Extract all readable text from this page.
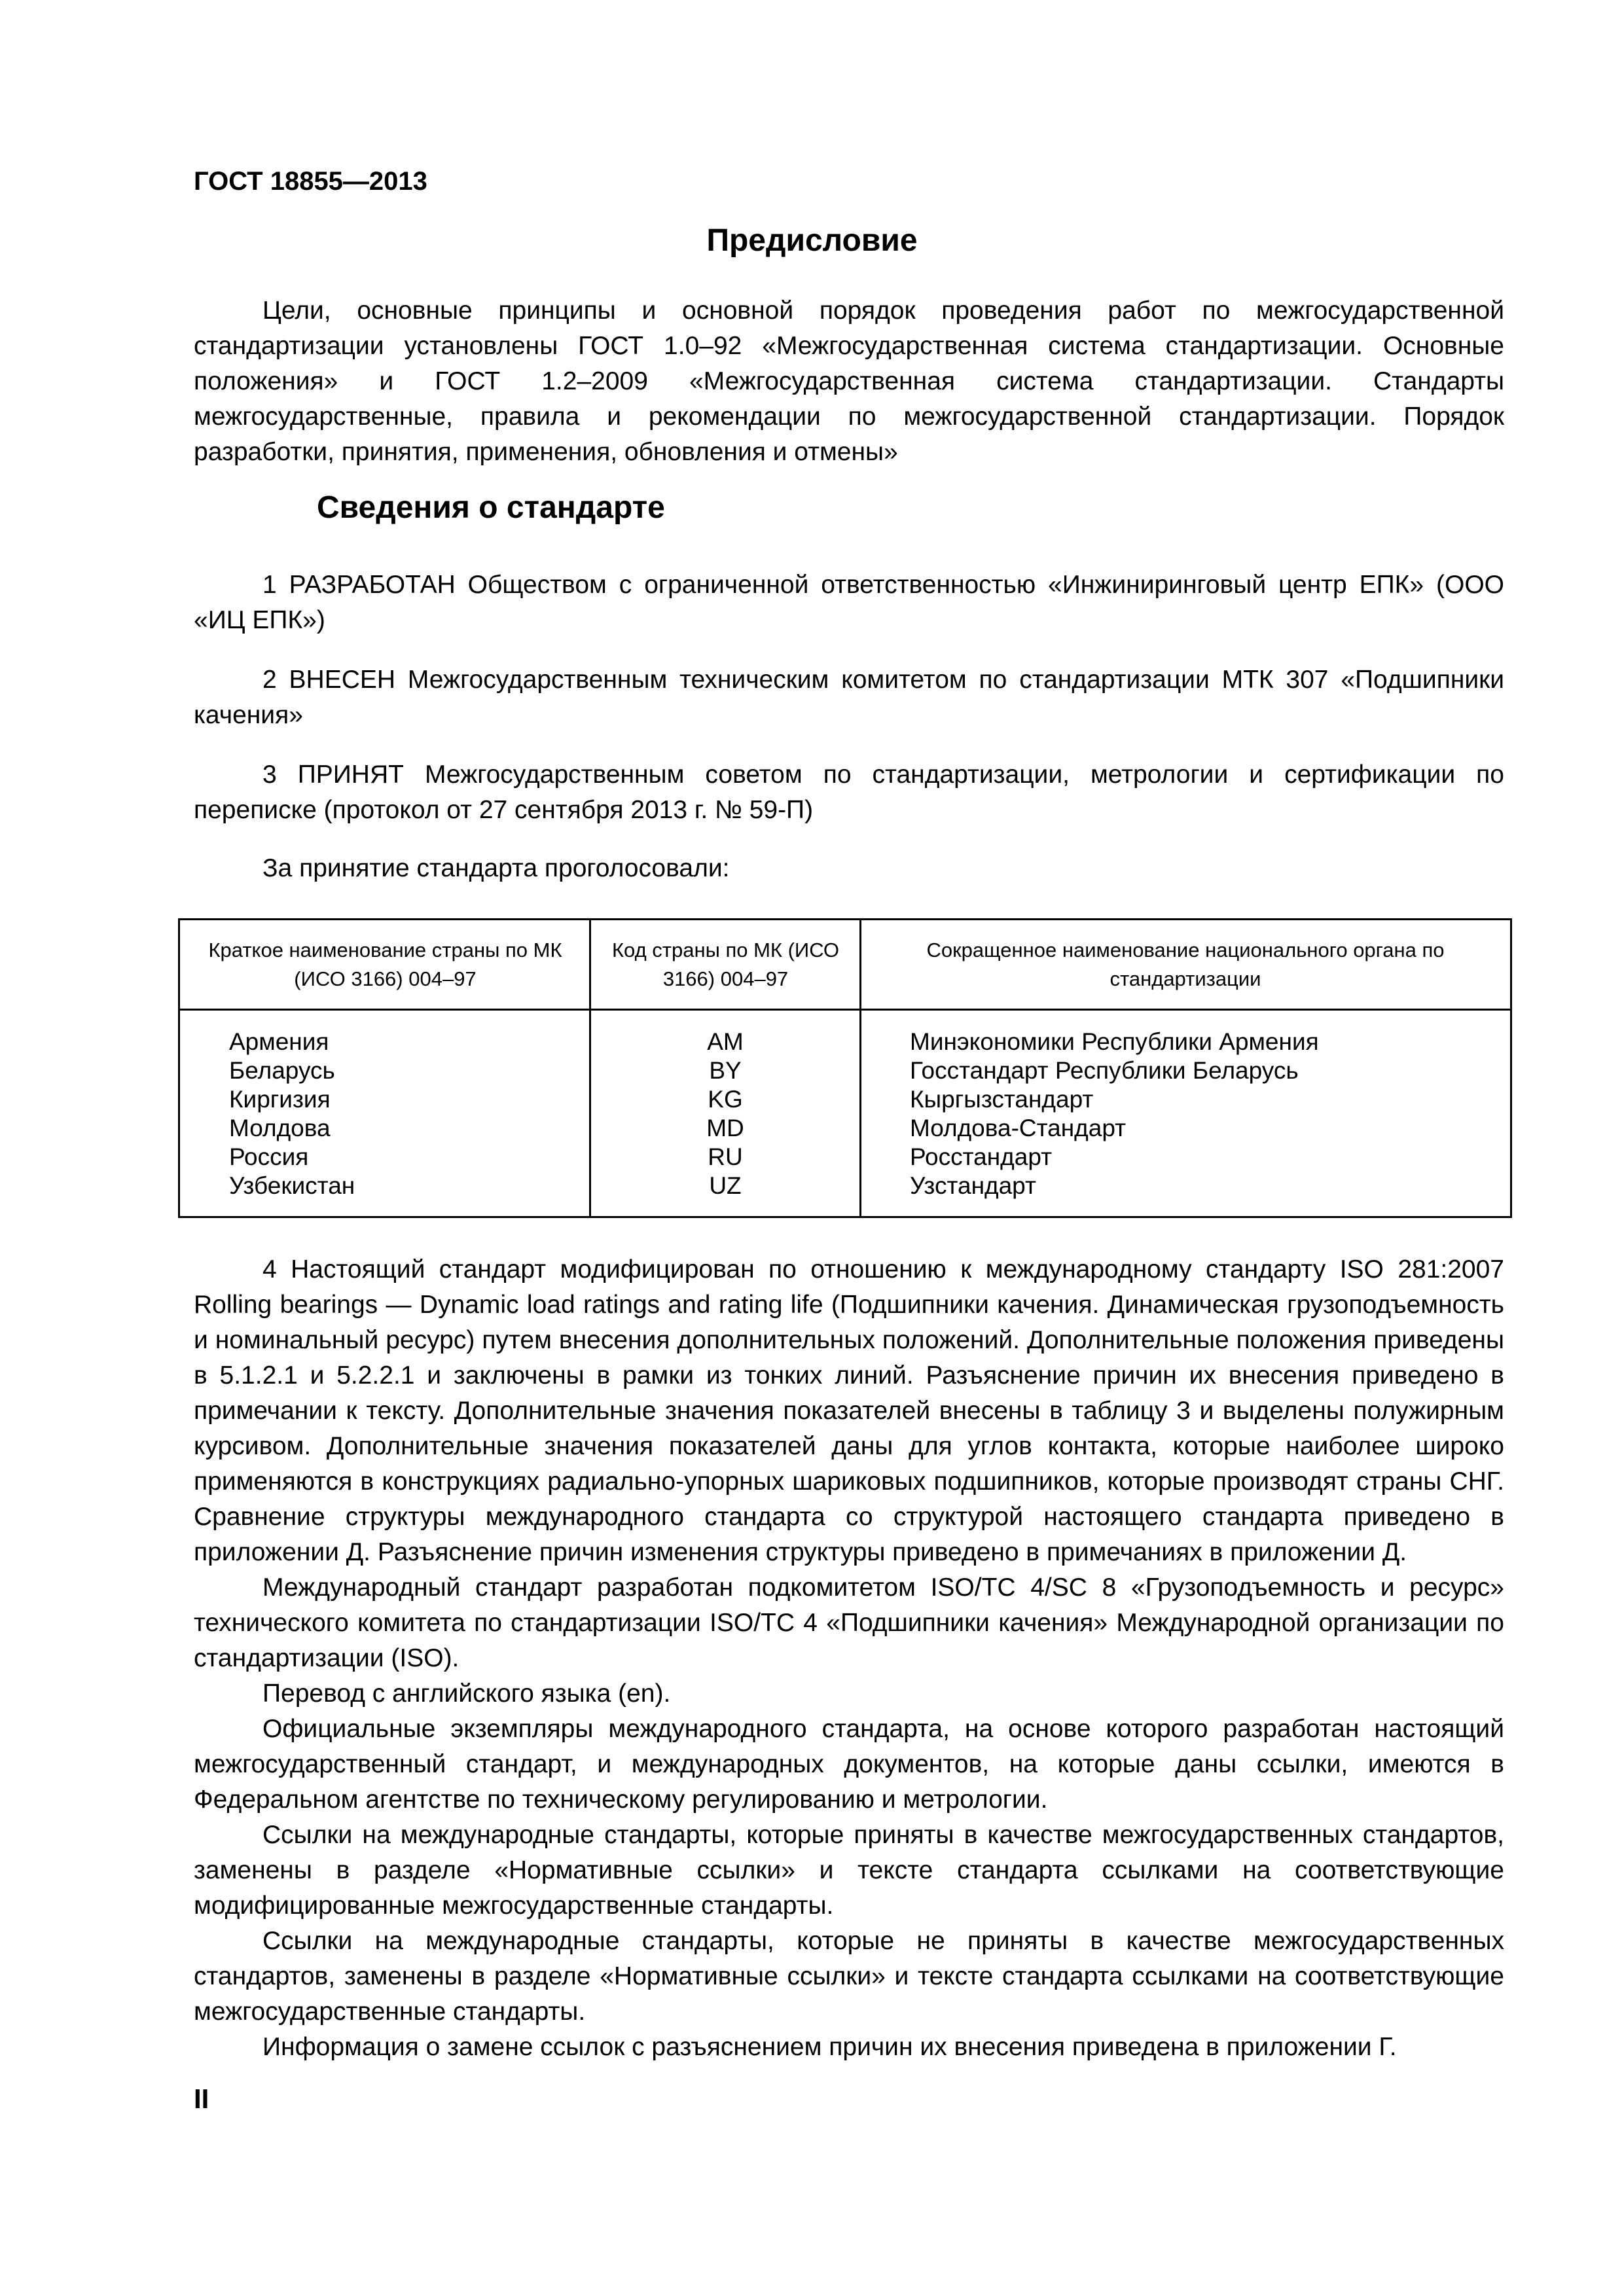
ГОСТ 18855—2013

Предисловие

Цели, основные принципы и основной порядок проведения работ по межгосударственной стандартизации установлены ГОСТ 1.0–92 «Межгосударственная система стандартизации. Основные положения» и ГОСТ 1.2–2009 «Межгосударственная система стандартизации. Стандарты межгосударственные, правила и рекомендации по межгосударственной стандартизации. Порядок разработки, принятия, применения, обновления и отмены»

Сведения о стандарте

1 РАЗРАБОТАН Обществом с ограниченной ответственностью «Инжиниринговый центр ЕПК» (ООО «ИЦ ЕПК»)

2 ВНЕСЕН Межгосударственным техническим комитетом по стандартизации МТК 307 «Подшипники качения»

3 ПРИНЯТ Межгосударственным советом по стандартизации, метрологии и сертификации по переписке (протокол от 27 сентября 2013 г. № 59-П)

За принятие стандарта проголосовали:

Краткое наименование страны по МК (ИСО 3166) 004–97
Код страны по МК (ИСО 3166) 004–97
Сокращенное наименование национального органа по стандартизации
Армения
Беларусь
Киргизия
Молдова
Россия
Узбекистан
AM
BY
KG
MD
RU
UZ
Минэкономики Республики Армения
Госстандарт Республики Беларусь
Кыргызстандарт
Молдова-Стандарт
Росстандарт
Узстандарт

4 Настоящий стандарт модифицирован по отношению к международному стандарту ISO 281:2007 Rolling bearings — Dynamic load ratings and rating life (Подшипники качения. Динамическая грузоподъемность и номинальный ресурс) путем внесения дополнительных положений. Дополнительные положения приведены в 5.1.2.1 и 5.2.2.1 и заключены в рамки из тонких линий. Разъяснение причин их внесения приведено в примечании к тексту. Дополнительные значения показателей внесены в таблицу 3 и выделены полужирным курсивом. Дополнительные значения показателей даны для углов контакта, которые наиболее широко применяются в конструкциях радиально-упорных шариковых подшипников, которые производят страны СНГ. Сравнение структуры международного стандарта со структурой настоящего стандарта приведено в приложении Д. Разъяснение причин изменения структуры приведено в примечаниях в приложении Д.

Международный стандарт разработан подкомитетом ISO/TC 4/SC 8 «Грузоподъемность и ресурс» технического комитета по стандартизации ISO/TC 4 «Подшипники качения» Международной организации по стандартизации (ISO).

Перевод с английского языка (en).

Официальные экземпляры международного стандарта, на основе которого разработан настоящий межгосударственный стандарт, и международных документов, на которые даны ссылки, имеются в Федеральном агентстве по техническому регулированию и метрологии.

Ссылки на международные стандарты, которые приняты в качестве межгосударственных стандартов, заменены в разделе «Нормативные ссылки» и тексте стандарта ссылками на соответствующие модифицированные межгосударственные стандарты.

Ссылки на международные стандарты, которые не приняты в качестве межгосударственных стандартов, заменены в разделе «Нормативные ссылки» и тексте стандарта ссылками на соответствующие межгосударственные стандарты.

Информация о замене ссылок с разъяснением причин их внесения приведена в приложении Г.

II
